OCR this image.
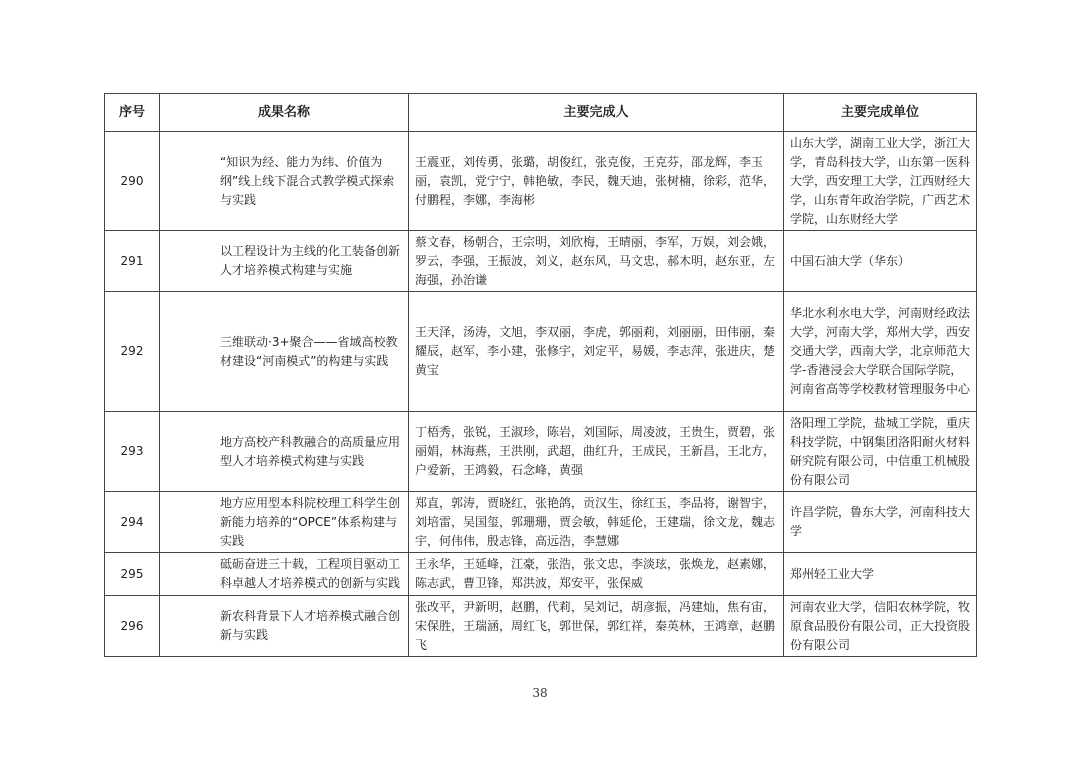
序号	成果名称	主要完成人	主要完成单位
290	“知识为经、能力为纬、价值为纲”线上线下混合式教学模式探索与实践	王震亚，刘传勇，张璐，胡俊红，张克俊，王克芬，邵龙辉，李玉丽，袁凯，党宁宁，韩艳敏，李民，魏天迪，张树楠，徐彩，范华，付鹏程，李娜，李海彬	山东大学，湖南工业大学，浙江大学，青岛科技大学，山东第一医科大学，西安理工大学，江西财经大学，山东青年政治学院，广西艺术学院，山东财经大学
291	以工程设计为主线的化工装备创新人才培养模式构建与实施	蔡文春，杨朝合，王宗明，刘欣梅，王晴丽，李军，万娱，刘会娥，罗云，李强，王振波，刘义，赵东风，马文忠，郝木明，赵东亚，左海强，孙治谦	中国石油大学（华东）
292	三维联动·3+聚合——省域高校教材建设“河南模式”的构建与实践	王天泽，汤涛，文旭，李双丽，李虎，郭丽莉，刘丽丽，田伟丽，秦耀辰，赵军，李小建，张修宇，刘定平，易媛，李志萍，张进庆，楚黄宝	华北水利水电大学，河南财经政法大学，河南大学，郑州大学，西安交通大学，西南大学，北京师范大学-香港浸会大学联合国际学院，河南省高等学校教材管理服务中心
293	地方高校产科教融合的高质量应用型人才培养模式构建与实践	丁梧秀，张锐，王淑珍，陈岩，刘国际，周凌波，王贵生，贾碧，张丽娟，林海燕，王洪刚，武超，曲红升，王成民，王新昌，王北方，户爱新，王鸿毅，石念峰，黄强	洛阳理工学院，盐城工学院，重庆科技学院，中钢集团洛阳耐火材料研究院有限公司，中信重工机械股份有限公司
294	地方应用型本科院校理工科学生创新能力培养的“OPCE”体系构建与实践	郑直，郭涛，贾晓红，张艳鸽，贡汉生，徐红玉，李品将，谢智宇，刘培雷，吴国玺，郭珊珊，贾会敏，韩延伦，王建瑞，徐文龙，魏志宇，何伟伟，殷志锋，高远浩，李慧娜	许昌学院，鲁东大学，河南科技大学
295	砥砺奋进三十载，工程项目驱动工科卓越人才培养模式的创新与实践	王永华，王延峰，江豪，张浩，张文忠，李淡玹，张焕龙，赵素娜，陈志武，曹卫锋，郑洪波，郑安平，张保威	郑州轻工业大学
296	新农科背景下人才培养模式融合创新与实践	张改平，尹新明，赵鹏，代莉，吴刘记，胡彦振，冯建灿，焦有宙，宋保胜，王瑞涵，周红飞，郭世保，郭红祥，秦英林，王鸿章，赵鹏飞	河南农业大学，信阳农林学院，牧原食品股份有限公司，正大投资股份有限公司
38
